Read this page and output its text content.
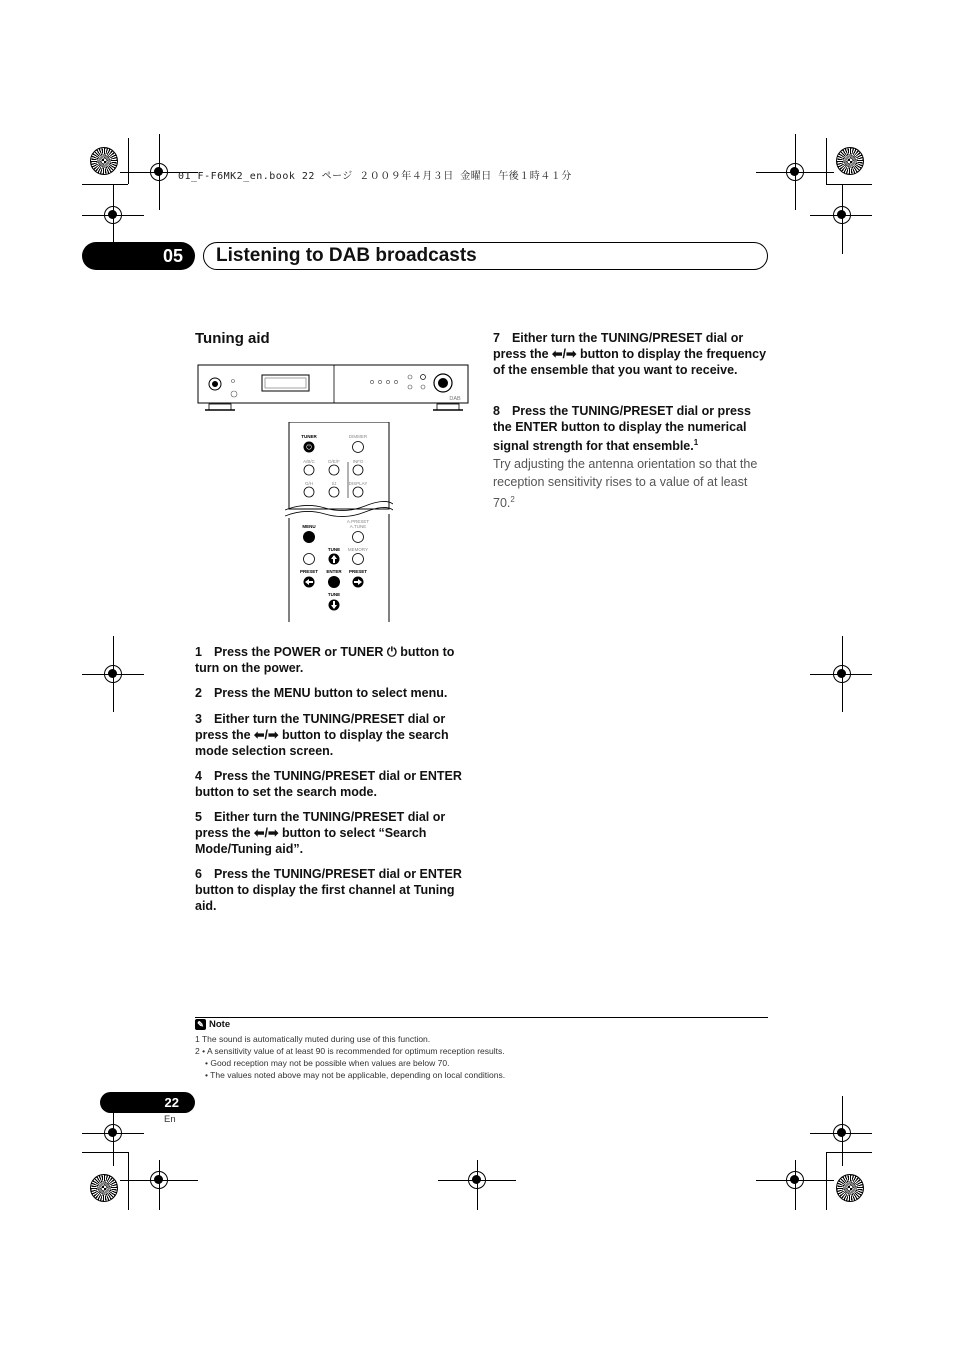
01_F-F6MK2_en.book 22 ページ ２００９年４月３日 金曜日 午後１時４１分
05	Listening to DAB broadcasts
Tuning aid
DAB
TUNER
⏻
DIMMER
A/B/C	D/E/F	INFO
G/H	I/J	DISPLAY
MENU
A.PRESET
A.TUNE
TUNE MEMORY
PRESET ENTER PRESET
TUNE
1 Press the POWER or TUNER ⏻ button to turn on the power.
2 Press the MENU button to select menu.
3 Either turn the TUNING/PRESET dial or press the ⬅/➡ button to display the search mode selection screen.
4 Press the TUNING/PRESET dial or ENTER button to set the search mode.
5 Either turn the TUNING/PRESET dial or press the ⬅/➡ button to select “Search Mode/Tuning aid”.
6 Press the TUNING/PRESET dial or ENTER button to display the first channel at Tuning aid.
7 Either turn the TUNING/PRESET dial or press the ⬅/➡ button to display the frequency of the ensemble that you want to receive.
8 Press the TUNING/PRESET dial or press the ENTER button to display the numerical signal strength for that ensemble.$^1$
Try adjusting the antenna orientation so that the reception sensitivity rises to a value of at least 70.$^2$
✎ Note
1 The sound is automatically muted during use of this function.
2 • A sensitivity value of at least 90 is recommended for optimum reception results.
• Good reception may not be possible when values are below 70.
• The values noted above may not be applicable, depending on local conditions.
22
En
